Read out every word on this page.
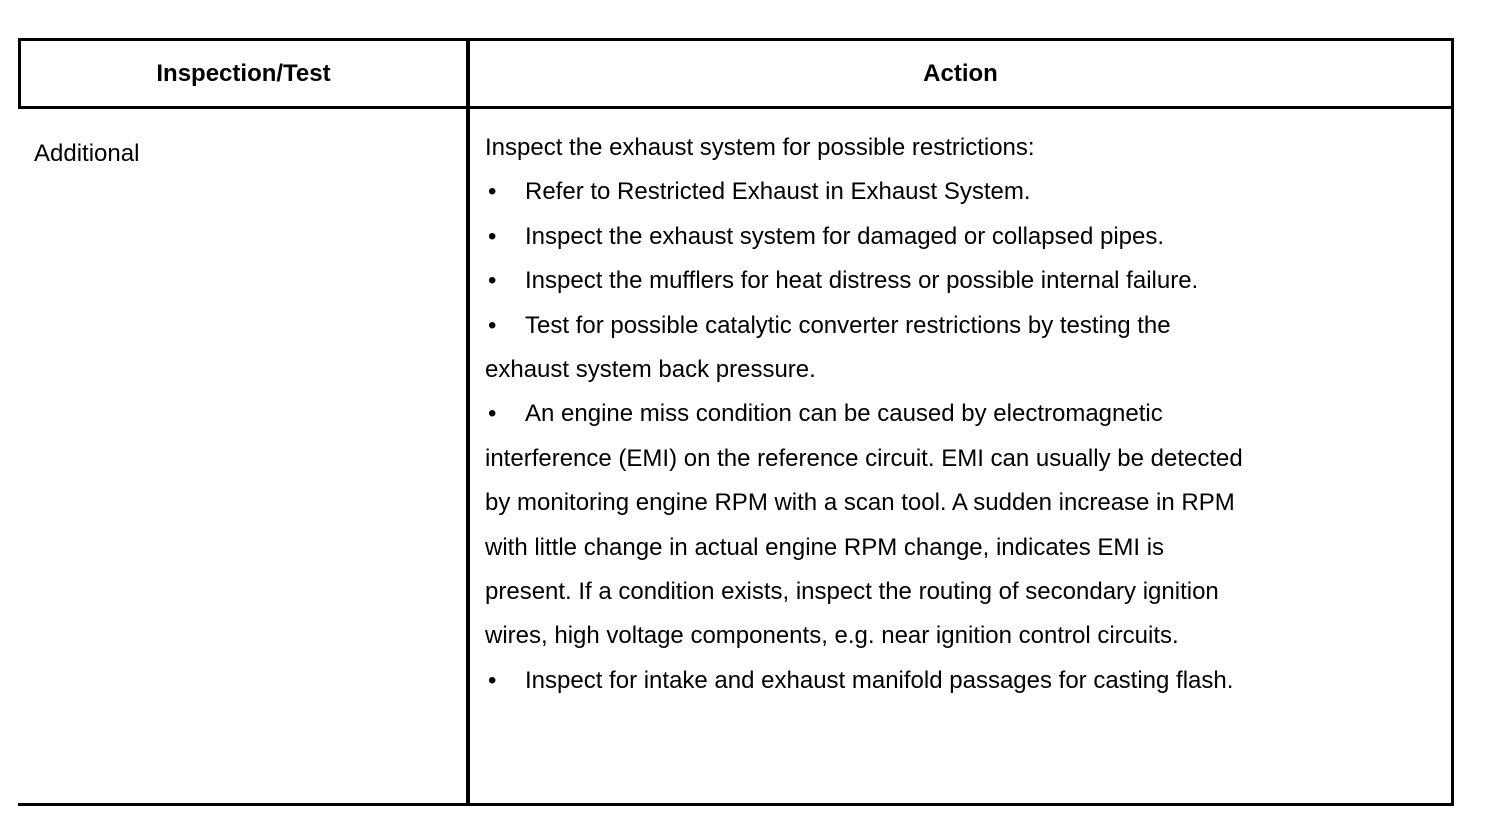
Inspection/Test	Action
Additional	Inspect the exhaust system for possible restrictions:

• Refer to Restricted Exhaust in Exhaust System.

• Inspect the exhaust system for damaged or collapsed pipes.

• Inspect the mufflers for heat distress or possible internal failure.

• Test for possible catalytic converter restrictions by testing the

exhaust system back pressure.

• An engine miss condition can be caused by electromagnetic

interference (EMI) on the reference circuit. EMI can usually be detected

by monitoring engine RPM with a scan tool. A sudden increase in RPM

with little change in actual engine RPM change, indicates EMI is

present. If a condition exists, inspect the routing of secondary ignition

wires, high voltage components, e.g. near ignition control circuits.

• Inspect for intake and exhaust manifold passages for casting flash.
